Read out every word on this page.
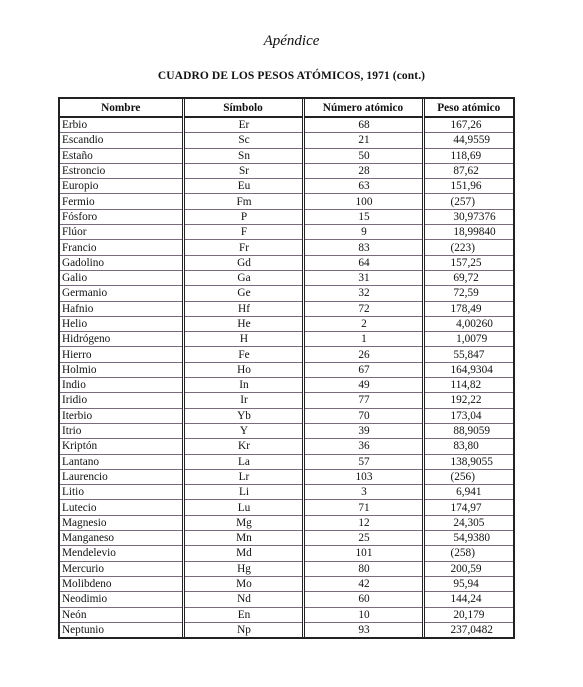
Apéndice
CUADRO DE LOS PESOS ATÓMICOS, 1971 (cont.)
Nombre	Símbolo	Número atómico	Peso atómico
Erbio	Er	68	167,26
Escandio	Sc	21	44,9559
Estaño	Sn	50	118,69
Estroncio	Sr	28	87,62
Europio	Eu	63	151,96
Fermio	Fm	100	(257)
Fósforo	P	15	30,97376
Flúor	F	9	18,99840
Francio	Fr	83	(223)
Gadolino	Gd	64	157,25
Galio	Ga	31	69,72
Germanio	Ge	32	72,59
Hafnio	Hf	72	178,49
Helio	He	2	4,00260
Hidrógeno	H	1	1,0079
Hierro	Fe	26	55,847
Holmio	Ho	67	164,9304
Indio	In	49	114,82
Iridio	Ir	77	192,22
Iterbio	Yb	70	173,04
Itrio	Y	39	88,9059
Kriptón	Kr	36	83,80
Lantano	La	57	138,9055
Laurencio	Lr	103	(256)
Litio	Li	3	6,941
Lutecio	Lu	71	174,97
Magnesio	Mg	12	24,305
Manganeso	Mn	25	54,9380
Mendelevio	Md	101	(258)
Mercurio	Hg	80	200,59
Molibdeno	Mo	42	95,94
Neodimio	Nd	60	144,24
Neón	En	10	20,179
Neptunio	Np	93	237,0482
